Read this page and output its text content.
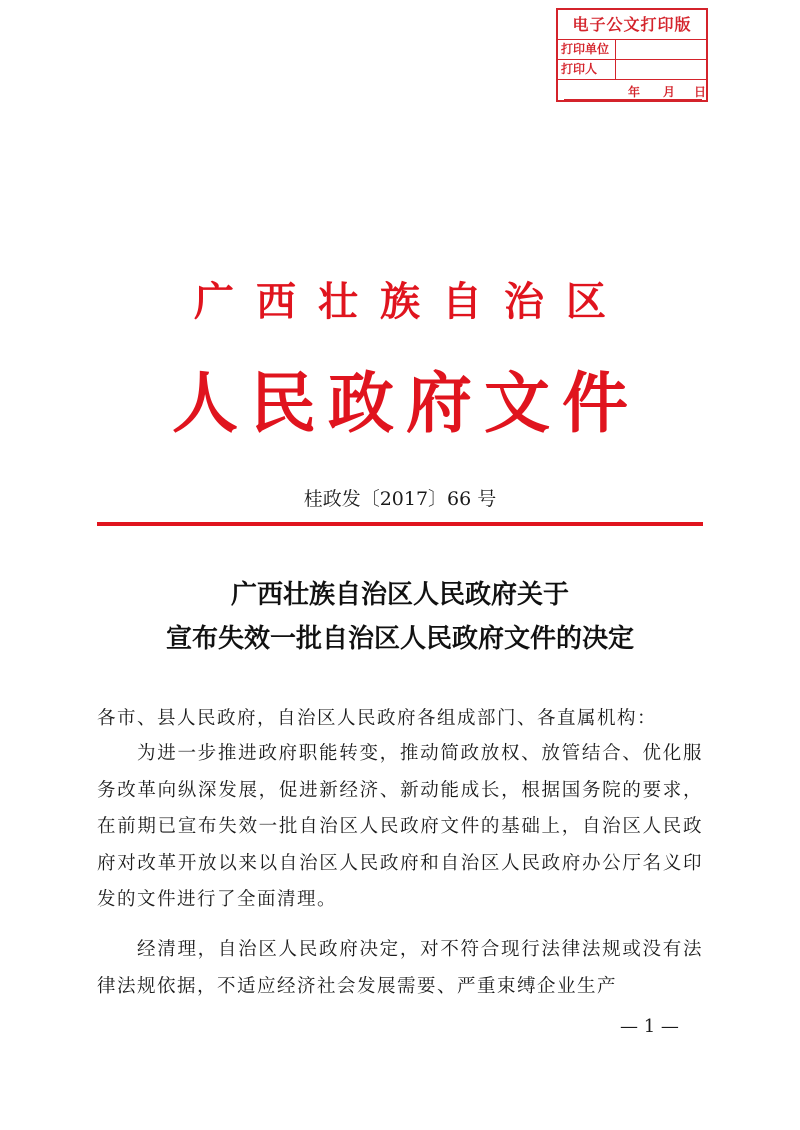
电子公文打印版
打印单位
打印人
年 月 日
广西壮族自治区
人民政府文件
桂政发〔2017〕66 号
广西壮族自治区人民政府关于
宣布失效一批自治区人民政府文件的决定
各市、县人民政府，自治区人民政府各组成部门、各直属机构：
为进一步推进政府职能转变，推动简政放权、放管结合、优化服务改革向纵深发展，促进新经济、新动能成长，根据国务院的要求，在前期已宣布失效一批自治区人民政府文件的基础上，自治区人民政府对改革开放以来以自治区人民政府和自治区人民政府办公厅名义印发的文件进行了全面清理。
经清理，自治区人民政府决定，对不符合现行法律法规或没有法律法规依据，不适应经济社会发展需要、严重束缚企业生产
— 1 —
